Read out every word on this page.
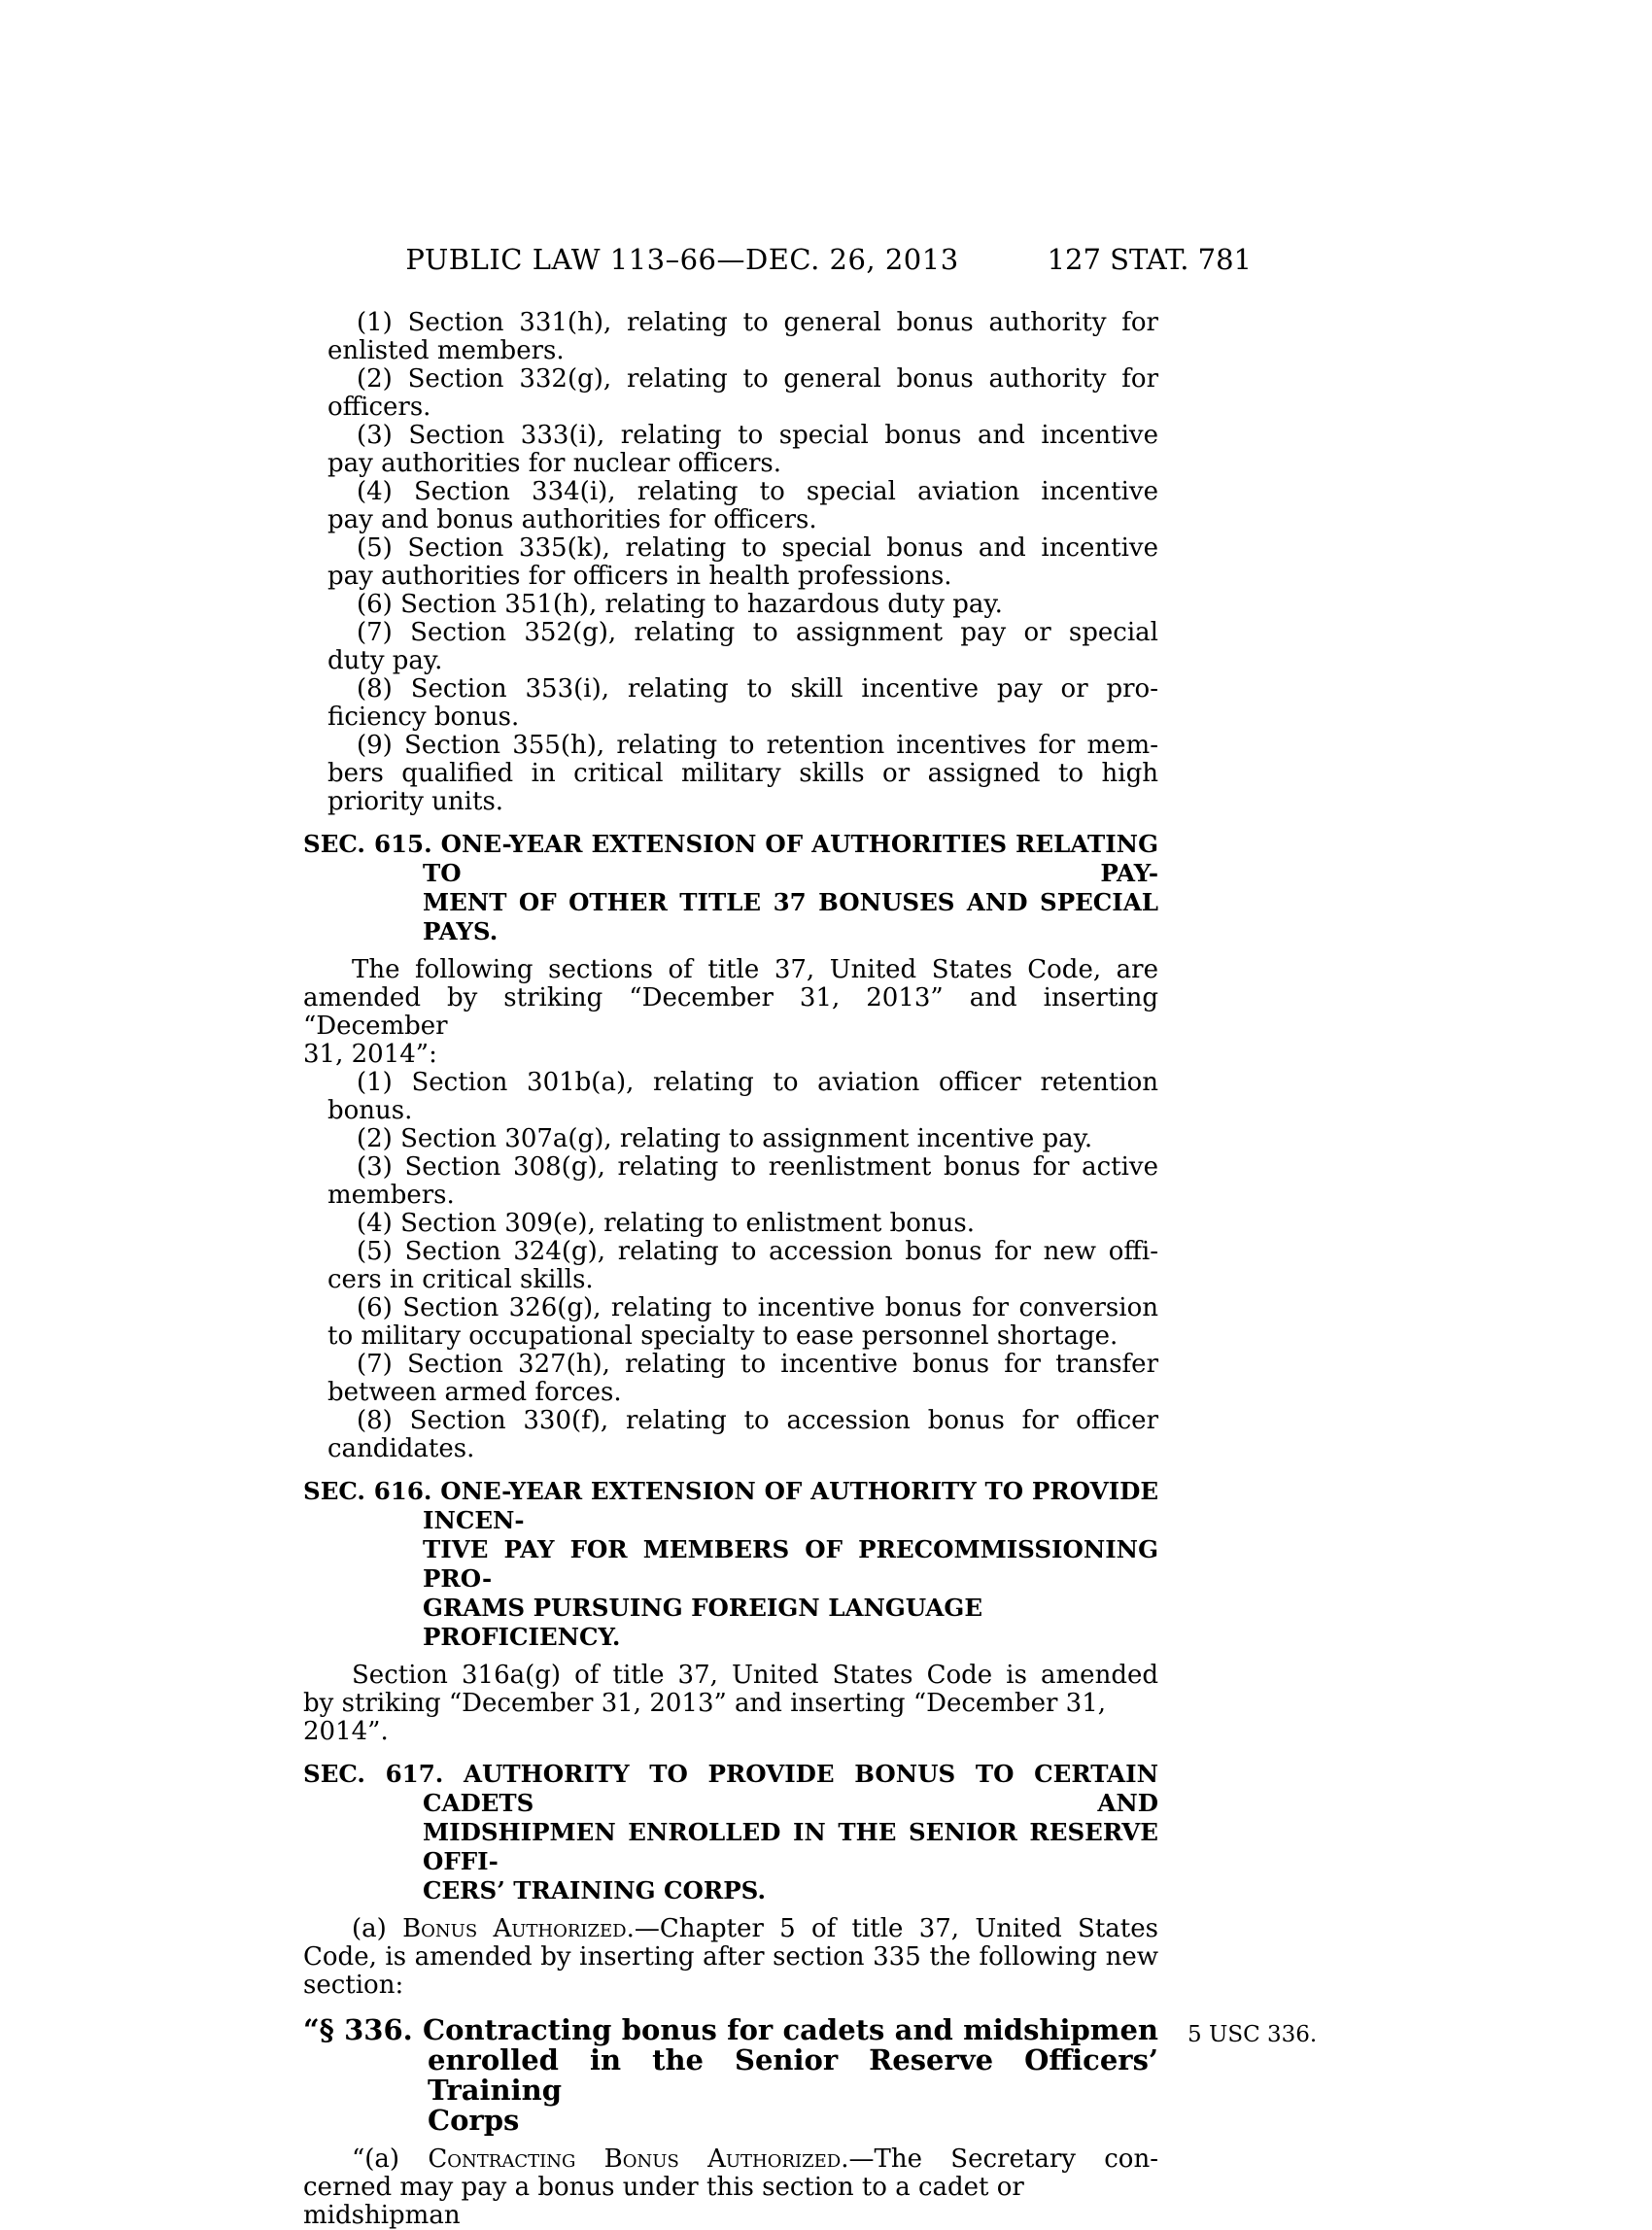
PUBLIC LAW 113–66—DEC. 26, 2013	127 STAT. 781
(1) Section 331(h), relating to general bonus authority for
enlisted members.
(2) Section 332(g), relating to general bonus authority for
officers.
(3) Section 333(i), relating to special bonus and incentive
pay authorities for nuclear officers.
(4) Section 334(i), relating to special aviation incentive
pay and bonus authorities for officers.
(5) Section 335(k), relating to special bonus and incentive
pay authorities for officers in health professions.
(6) Section 351(h), relating to hazardous duty pay.
(7) Section 352(g), relating to assignment pay or special
duty pay.
(8) Section 353(i), relating to skill incentive pay or pro-
ficiency bonus.
(9) Section 355(h), relating to retention incentives for mem-
bers qualified in critical military skills or assigned to high
priority units.
SEC. 615. ONE-YEAR EXTENSION OF AUTHORITIES RELATING TO PAY-
MENT OF OTHER TITLE 37 BONUSES AND SPECIAL PAYS.
The following sections of title 37, United States Code, are
amended by striking “December 31, 2013” and inserting “December
31, 2014”:
(1) Section 301b(a), relating to aviation officer retention
bonus.
(2) Section 307a(g), relating to assignment incentive pay.
(3) Section 308(g), relating to reenlistment bonus for active
members.
(4) Section 309(e), relating to enlistment bonus.
(5) Section 324(g), relating to accession bonus for new offi-
cers in critical skills.
(6) Section 326(g), relating to incentive bonus for conversion
to military occupational specialty to ease personnel shortage.
(7) Section 327(h), relating to incentive bonus for transfer
between armed forces.
(8) Section 330(f), relating to accession bonus for officer
candidates.
SEC. 616. ONE-YEAR EXTENSION OF AUTHORITY TO PROVIDE INCEN-
TIVE PAY FOR MEMBERS OF PRECOMMISSIONING PRO-
GRAMS PURSUING FOREIGN LANGUAGE PROFICIENCY.
Section 316a(g) of title 37, United States Code is amended
by striking “December 31, 2013” and inserting “December 31, 2014”.
SEC. 617. AUTHORITY TO PROVIDE BONUS TO CERTAIN CADETS AND
MIDSHIPMEN ENROLLED IN THE SENIOR RESERVE OFFI-
CERS’ TRAINING CORPS.
(a) Bonus Authorized.—Chapter 5 of title 37, United States
Code, is amended by inserting after section 335 the following new
section:
“§ 336. Contracting bonus for cadets and midshipmen
enrolled in the Senior Reserve Officers’ Training
Corps
5 USC 336.
“(a) Contracting Bonus Authorized.—The Secretary con-
cerned may pay a bonus under this section to a cadet or midshipman
